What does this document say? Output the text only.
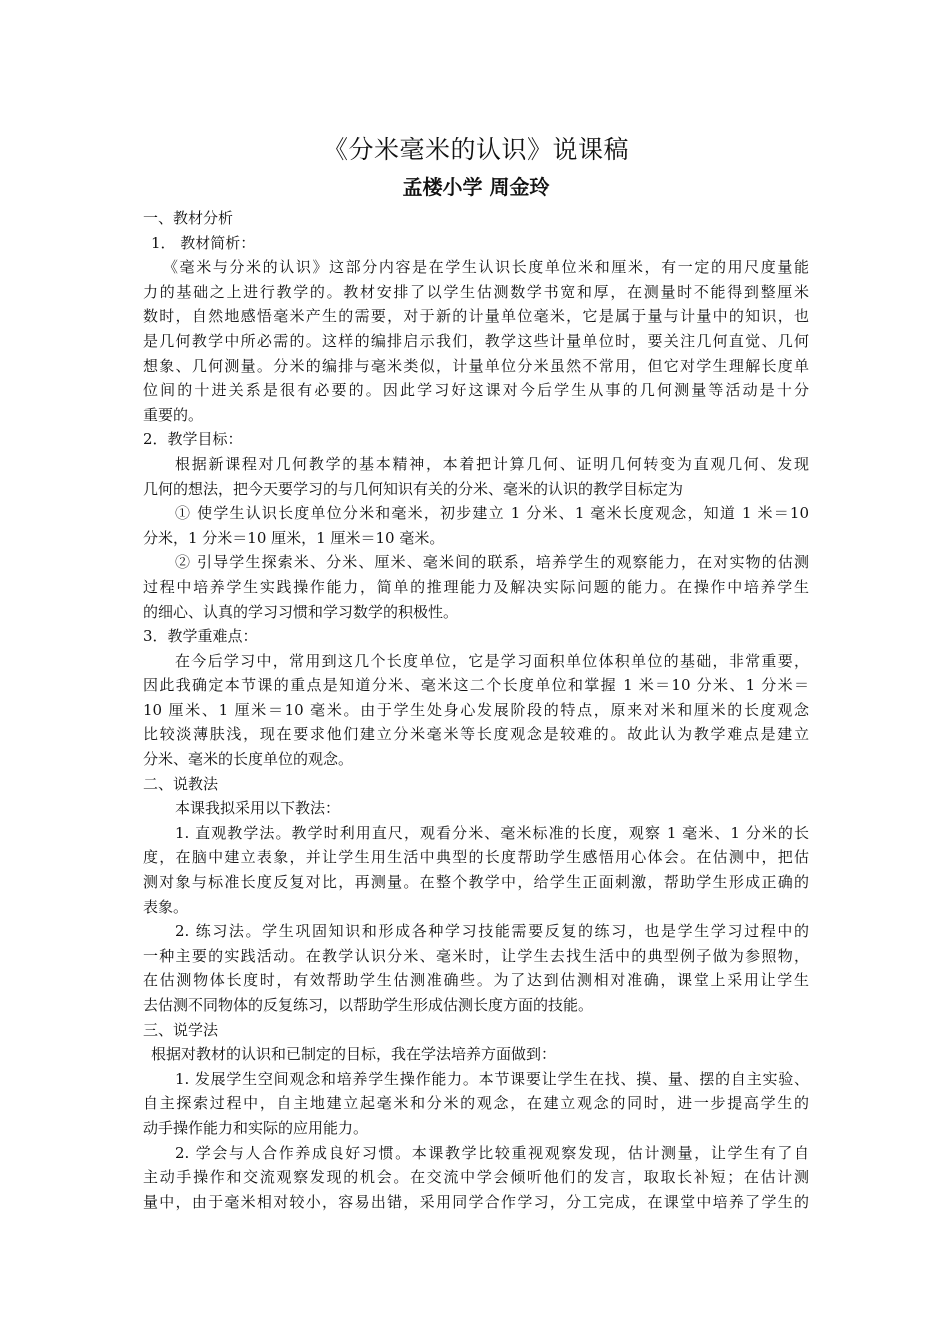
《分米毫米的认识》说课稿

孟楼小学 周金玲

一、教材分析

1． 教材简析：

《毫米与分米的认识》这部分内容是在学生认识长度单位米和厘米，有一定的用尺度量能

力的基础之上进行教学的。教材安排了以学生估测数学书宽和厚，在测量时不能得到整厘米

数时，自然地感悟毫米产生的需要，对于新的计量单位毫米，它是属于量与计量中的知识，也

是几何教学中所必需的。这样的编排启示我们，教学这些计量单位时，要关注几何直觉、几何

想象、几何测量。分米的编排与毫米类似，计量单位分米虽然不常用，但它对学生理解长度单

位间的十进关系是很有必要的。因此学习好这课对今后学生从事的几何测量等活动是十分

重要的。

2．教学目标：

根据新课程对几何教学的基本精神，本着把计算几何、证明几何转变为直观几何、发现

几何的想法，把今天要学习的与几何知识有关的分米、毫米的认识的教学目标定为

① 使学生认识长度单位分米和毫米，初步建立 1 分米、1 毫米长度观念，知道 1 米＝10

分米，1 分米＝10 厘米，1 厘米＝10 毫米。

② 引导学生探索米、分米、厘米、毫米间的联系，培养学生的观察能力，在对实物的估测

过程中培养学生实践操作能力，简单的推理能力及解决实际问题的能力。在操作中培养学生

的细心、认真的学习习惯和学习数学的积极性。

3．教学重难点：

在今后学习中，常用到这几个长度单位，它是学习面积单位体积单位的基础，非常重要，

因此我确定本节课的重点是知道分米、毫米这二个长度单位和掌握 1 米＝10 分米、1 分米＝

10 厘米、1 厘米＝10 毫米。由于学生处身心发展阶段的特点，原来对米和厘米的长度观念

比较淡薄肤浅，现在要求他们建立分米毫米等长度观念是较难的。故此认为教学难点是建立

分米、毫米的长度单位的观念。

二、说教法

本课我拟采用以下教法：

1. 直观教学法。教学时利用直尺，观看分米、毫米标准的长度，观察 1 毫米、1 分米的长

度，在脑中建立表象，并让学生用生活中典型的长度帮助学生感悟用心体会。在估测中，把估

测对象与标准长度反复对比，再测量。在整个教学中，给学生正面刺激，帮助学生形成正确的

表象。

2. 练习法。学生巩固知识和形成各种学习技能需要反复的练习，也是学生学习过程中的

一种主要的实践活动。在教学认识分米、毫米时，让学生去找生活中的典型例子做为参照物，

在估测物体长度时，有效帮助学生估测准确些。为了达到估测相对准确，课堂上采用让学生

去估测不同物体的反复练习，以帮助学生形成估测长度方面的技能。

三、说学法

根据对教材的认识和已制定的目标，我在学法培养方面做到：

1. 发展学生空间观念和培养学生操作能力。本节课要让学生在找、摸、量、摆的自主实验、

自主探索过程中，自主地建立起毫米和分米的观念，在建立观念的同时，进一步提高学生的

动手操作能力和实际的应用能力。

2. 学会与人合作养成良好习惯。本课教学比较重视观察发现，估计测量，让学生有了自

主动手操作和交流观察发现的机会。在交流中学会倾听他们的发言，取取长补短；在估计测

量中，由于毫米相对较小，容易出错，采用同学合作学习，分工完成，在课堂中培养了学生的
